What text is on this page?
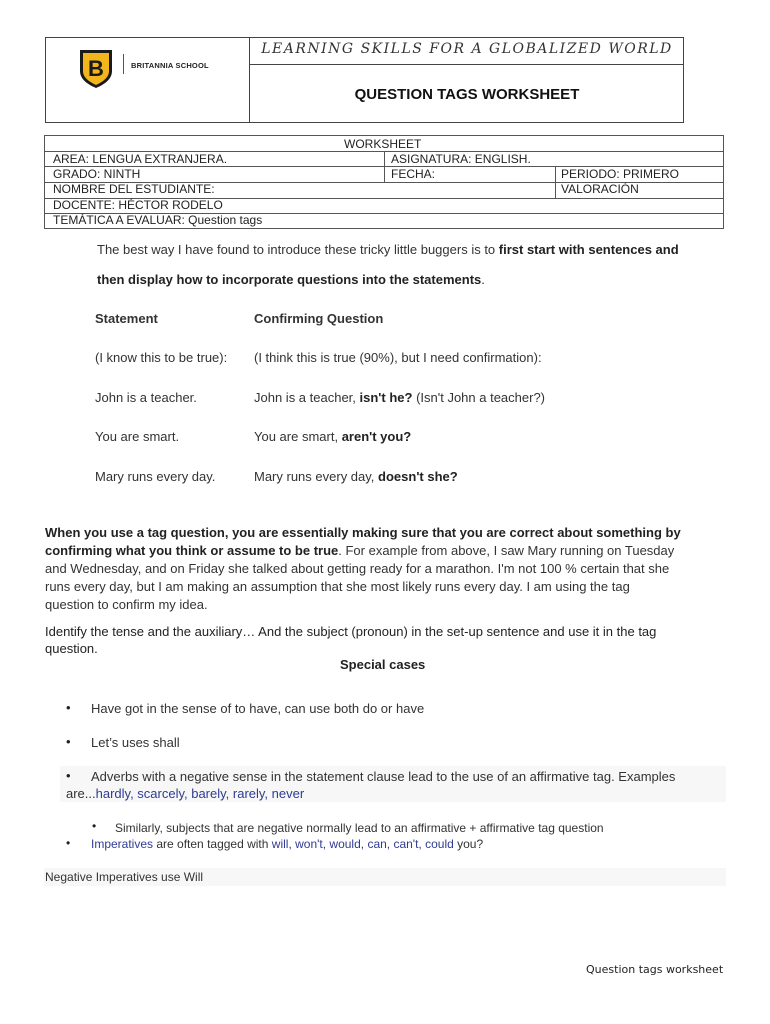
B	BRITANNIA SCHOOL
LEARNING SKILLS FOR A GLOBALIZED WORLD
QUESTION TAGS WORKSHEET
WORKSHEET
AREA: LENGUA EXTRANJERA.	ASIGNATURA: ENGLISH.
GRADO: NINTH	FECHA:	PERIODO: PRIMERO
NOMBRE DEL ESTUDIANTE:	VALORACIÓN
DOCENTE: HÉCTOR RODELO
TEMÁTICA A EVALUAR: Question tags
The best way I have found to introduce these tricky little buggers is to first start with sentences and
then display how to incorporate questions into the statements.
Statement	Confirming Question
(I know this to be true): (I think this is true (90%), but I need confirmation):
John is a teacher.	John is a teacher, isn't he? (Isn't John a teacher?)
You are smart.	You are smart, aren't you?
Mary runs every day.	Mary runs every day, doesn't she?
When you use a tag question, you are essentially making sure that you are correct about something by
confirming what you think or assume to be true. For example from above, I saw Mary running on Tuesday
and Wednesday, and on Friday she talked about getting ready for a marathon. I'm not 100 % certain that she
runs every day, but I am making an assumption that she most likely runs every day. I am using the tag
question to confirm my idea.
Identify the tense and the auxiliary… And the subject (pronoun) in the set-up sentence and use it in the tag
question.
Special cases
• Have got in the sense of to have, can use both do or have
• Let’s uses shall
• Adverbs with a negative sense in the statement clause lead to the use of an affirmative tag. Examples
are...hardly, scarcely, barely, rarely, never
• Similarly, subjects that are negative normally lead to an affirmative + affirmative tag question
• Imperatives are often tagged with will, won't, would, can, can't, could you?
Negative Imperatives use Will
Question tags worksheet
